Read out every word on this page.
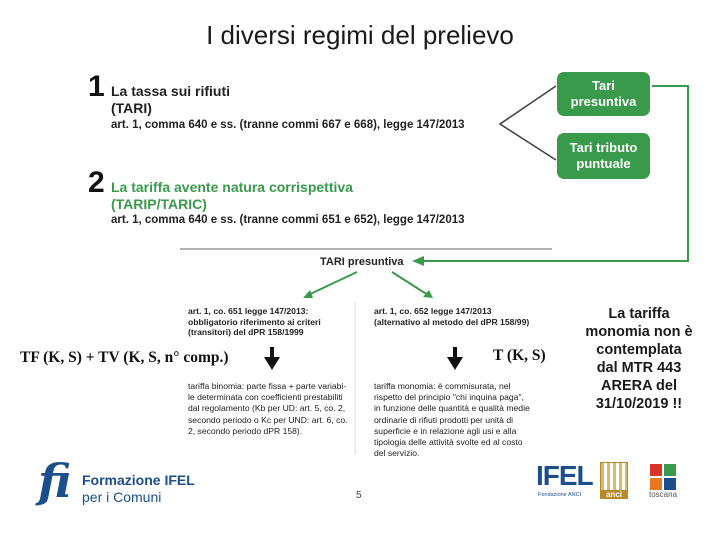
I diversi regimi del prelievo
1 La tassa sui rifiuti
(TARI)
art. 1, comma 640 e ss. (tranne commi 667 e 668), legge 147/2013
2 La tariffa avente natura corrispettiva
(TARIP/TARIC)
art. 1, comma 640 e ss. (tranne commi 651 e 652), legge 147/2013
Tari
presuntiva
Tari tributo
puntuale
TARI presuntiva
art. 1, co. 651 legge 147/2013:
obbligatorio riferimento ai criteri
(transitori) del dPR 158/1999
art. 1, co. 652 legge 147/2013
(alternativo al metodo del dPR 158/99)
TF (K, S) + TV (K, S, n° comp.)	T (K, S)
tariffa binomia: parte fissa + parte variabi-
le determinata con coefficienti prestabiliti
dal regolamento (Kb per UD: art. 5, co. 2,
secondo periodo o Kc per UND: art. 6, co.
2, secondo periodo dPR 158).
tariffa monomia: è commisurata, nel
rispetto del principio "chi inquina paga",
in funzione delle quantità e qualità medie
ordinarie di rifiuti prodotti per unità di
superficie e in relazione agli usi e alla
tipologia delle attività svolte ed al costo
del servizio.
La tariffa
monomia non è
contemplata
dal MTR 443
ARERA del
31/10/2019 !!
5
fi Formazione IFEL
per i Comuni
IFEL
Fondazione ANCI	anci	toscana
